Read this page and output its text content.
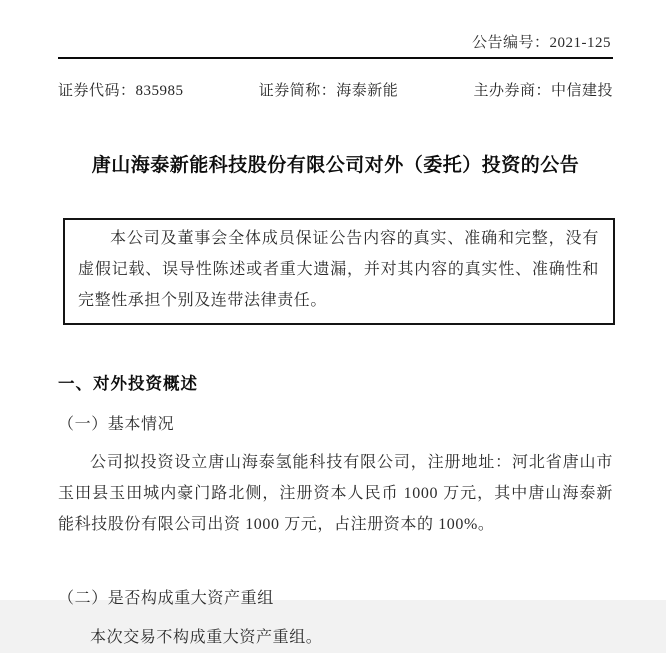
公告编号：2021-125
证券代码：835985	证券简称：海泰新能	主办券商：中信建投
唐山海泰新能科技股份有限公司对外（委托）投资的公告

本公司及董事会全体成员保证公告内容的真实、准确和完整，没有虚假记载、误导性陈述或者重大遗漏，并对其内容的真实性、准确性和完整性承担个别及连带法律责任。

一、对外投资概述
（一）基本情况

公司拟投资设立唐山海泰氢能科技有限公司，注册地址：河北省唐山市玉田县玉田城内豪门路北侧，注册资本人民币 1000 万元，其中唐山海泰新能科技股份有限公司出资 1000 万元，占注册资本的 100%。

（二）是否构成重大资产重组

本次交易不构成重大资产重组。
